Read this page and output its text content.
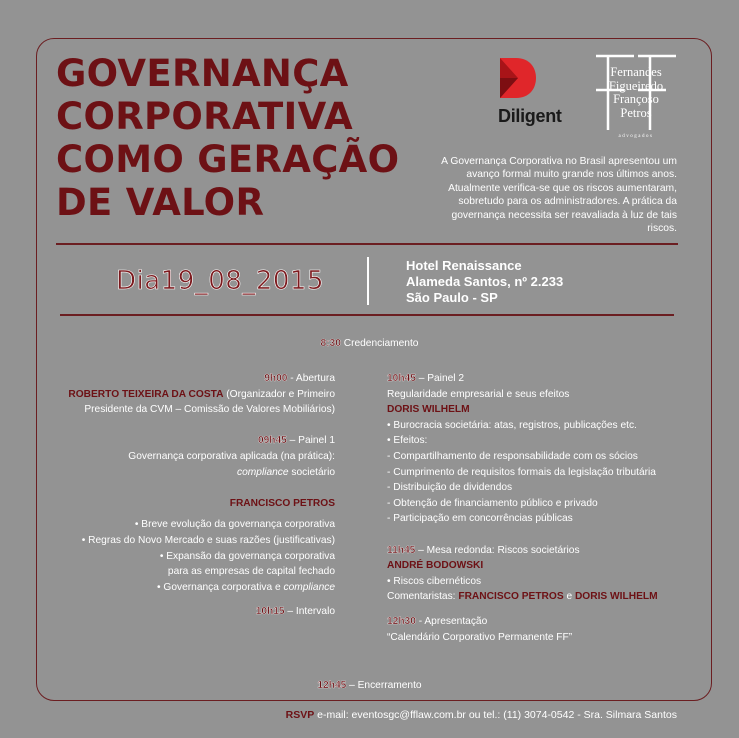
GOVERNANÇA
CORPORATIVA
COMO GERAÇÃO
DE VALOR
Diligent
Fernandes
Figueiredo
Françoso
Petros
advogados

A Governança Corporativa no Brasil apresentou um avanço formal muito grande nos últimos anos. Atualmente verifica-se que os riscos aumentaram, sobretudo para os administradores. A prática da governança necessita ser reavaliada à luz de tais riscos.

Dia19_08_2015
Hotel Renaissance
Alameda Santos, nº 2.233
São Paulo - SP
8:30 Credenciamento
9h00 - Abertura
ROBERTO TEIXEIRA DA COSTA (Organizador e Primeiro
Presidente da CVM – Comissão de Valores Mobiliários)
09h45 – Painel 1
Governança corporativa aplicada (na prática):
compliance societário
FRANCISCO PETROS
• Breve evolução da governança corporativa
• Regras do Novo Mercado e suas razões (justificativas)
• Expansão da governança corporativa
para as empresas de capital fechado
• Governança corporativa e compliance
10h15 – Intervalo
10h45 – Painel 2
Regularidade empresarial e seus efeitos
DORIS WILHELM
• Burocracia societária: atas, registros, publicações etc.
• Efeitos:
- Compartilhamento de responsabilidade com os sócios
- Cumprimento de requisitos formais da legislação tributária
- Distribuição de dividendos
- Obtenção de financiamento público e privado
- Participação em concorrências públicas
11h45 – Mesa redonda: Riscos societários
ANDRÉ BODOWSKI
• Riscos cibernéticos
Comentaristas: FRANCISCO PETROS e DORIS WILHELM
12h30 - Apresentação
“Calendário Corporativo Permanente FF”
12h45 – Encerramento
RSVP e-mail: eventosgc@fflaw.com.br ou tel.: (11) 3074-0542 - Sra. Silmara Santos
